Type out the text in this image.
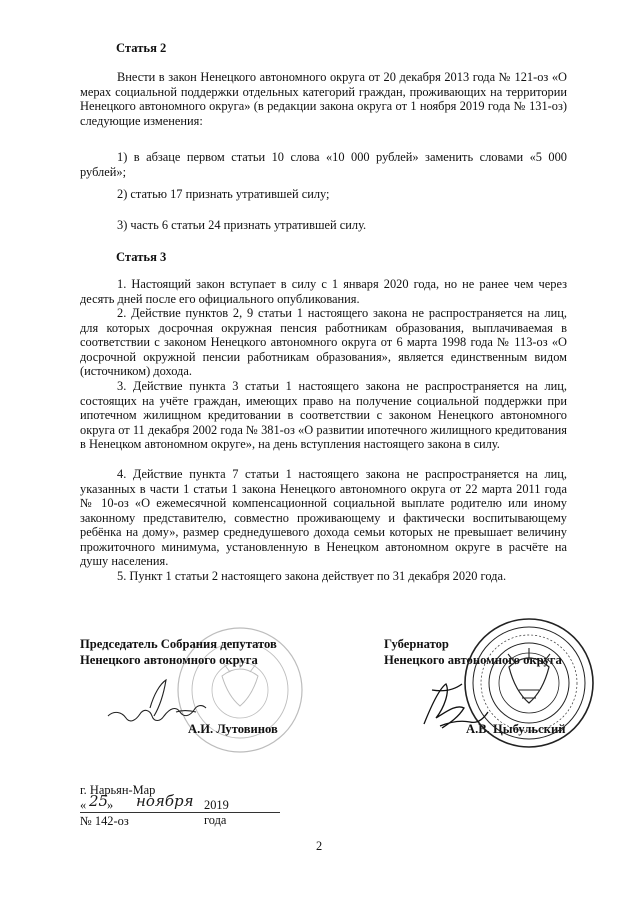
Статья 2

Внести в закон Ненецкого автономного округа от 20 декабря 2013 года № 121-оз «О мерах социальной поддержки отдельных категорий граждан, проживающих на территории Ненецкого автономного округа» (в редакции закона округа от 1 ноября 2019 года № 131-оз) следующие изменения:

1) в абзаце первом статьи 10 слова «10 000 рублей» заменить словами «5 000 рублей»;

2) статью 17 признать утратившей силу;

3) часть 6 статьи 24 признать утратившей силу.

Статья 3

1. Настоящий закон вступает в силу с 1 января 2020 года, но не ранее чем через десять дней после его официального опубликования.

2. Действие пунктов 2, 9 статьи 1 настоящего закона не распространяется на лиц, для которых досрочная окружная пенсия работникам образования, выплачиваемая в соответствии с законом Ненецкого автономного округа от 6 марта 1998 года № 113-оз «О досрочной окружной пенсии работникам образования», является единственным видом (источником) дохода.

3. Действие пункта 3 статьи 1 настоящего закона не распространяется на лиц, состоящих на учёте граждан, имеющих право на получение социальной поддержки при ипотечном жилищном кредитовании в соответствии с законом Ненецкого автономного округа от 11 декабря 2002 года № 381-оз «О развитии ипотечного жилищного кредитования в Ненецком автономном округе», на день вступления настоящего закона в силу.

4. Действие пункта 7 статьи 1 настоящего закона не распространяется на лиц, указанных в части 1 статьи 1 закона Ненецкого автономного округа от 22 марта 2011 года № 10-оз «О ежемесячной компенсационной социальной выплате родителю или иному законному представителю, совместно проживающему и фактически воспитывающему ребёнка на дому», размер среднедушевого дохода семьи которых не превышает величину прожиточного минимума, установленную в Ненецком автономном округе в расчёте на душу населения.

5. Пункт 1 статьи 2 настоящего закона действует по 31 декабря 2020 года.

Председатель Собрания депутатов
Ненецкого автономного округа
А.И. Лутовинов
Губернатор
Ненецкого автономного округа
А.В. Цыбульский
г. Нарьян-Мар
« 25
» ноября 2019 года
№ 142-оз
2
